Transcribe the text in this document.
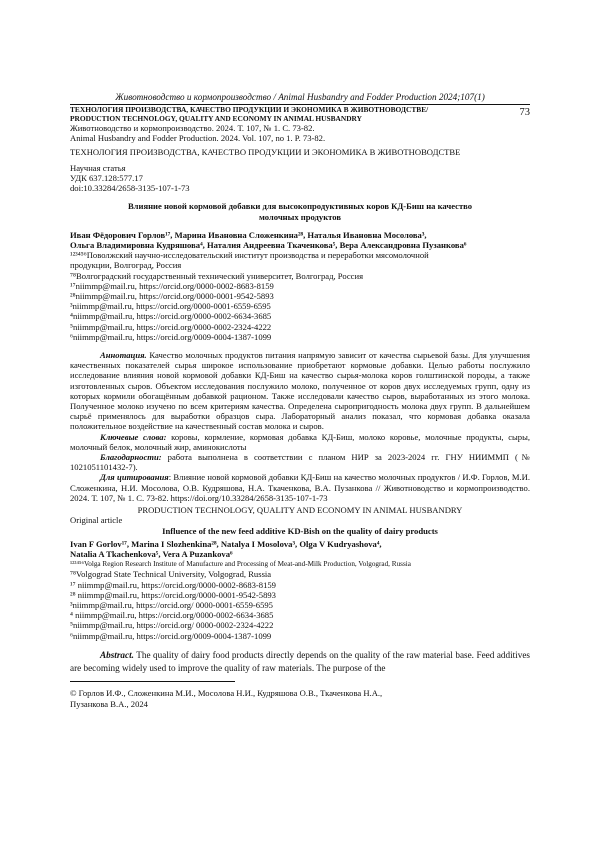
Животноводство и кормопроизводство / Animal Husbandry and Fodder Production 2024;107(1)

ТЕХНОЛОГИЯ ПРОИЗВОДСТВА, КАЧЕСТВО ПРОДУКЦИИ И ЭКОНОМИКА В ЖИВОТНОВОДСТВЕ/
PRODUCTION TECHNOLOGY, QUALITY AND ECONOMY IN ANIMAL HUSBANDRY
73

Животноводство и кормопроизводство. 2024. Т. 107, № 1. С. 73-82.

Animal Husbandry and Fodder Production. 2024. Vol. 107, no 1. P. 73-82.

ТЕХНОЛОГИЯ ПРОИЗВОДСТВА, КАЧЕСТВО ПРОДУКЦИИ И ЭКОНОМИКА В ЖИВОТНОВОДСТВЕ

Научная статья

УДК 637.128:577.17

doi:10.33284/2658-3135-107-1-73

Влияние новой кормовой добавки для высокопродуктивных коров КД-Биш на качество

молочных продуктов

Иван Фёдорович Горлов¹⁷, Марина Ивановна Сложенкина²⁸, Наталья Ивановна Мосолова³,

Ольга Владимировна Кудряшова⁴, Наталия Андреевна Ткаченкова⁵, Вера Александровна Пузанкова⁶

¹²³⁴⁵⁶Поволжский научно-исследовательский институт производства и переработки мясомолочной

продукции, Волгоград, Россия

⁷⁸Волгоградский государственный технический университет, Волгоград, Россия

¹⁷niimmp@mail.ru, https://orcid.org/0000-0002-8683-8159

²⁸niimmp@mail.ru, https://orcid.org/0000-0001-9542-5893

³niimmp@mail.ru, https://orcid.org/0000-0001-6559-6595

⁴niimmp@mail.ru, https://orcid.org/0000-0002-6634-3685

⁵niimmp@mail.ru, https://orcid.org/0000-0002-2324-4222

⁶niimmp@mail.ru, https://orcid.org/0009-0004-1387-1099

Аннотация. Качество молочных продуктов питания напрямую зависит от качества сырьевой базы. Для улучшения качественных показателей сырья широкое использование приобретают кормовые добавки. Целью работы послужило исследование влияния новой кормовой добавки КД-Биш на качество сырья-молока коров голштинской породы, а также изготовленных сыров. Объектом исследования послужило молоко, полученное от коров двух исследуемых групп, одну из которых кормили обогащённым добавкой рационом. Также исследовали качество сыров, выработанных из этого молока. Полученное молоко изучено по всем критериям качества. Определена сыропригодность молока двух групп. В дальнейшем сырьё применялось для выработки образцов сыра. Лабораторный анализ показал, что кормовая добавка оказала положительное воздействие на качественный состав молока и сыров.

Ключевые слова: коровы, кормление, кормовая добавка КД-Биш, молоко коровье, молочные продукты, сыры, молочный белок, молочный жир, аминокислоты

Благодарности: работа выполнена в соответствии с планом НИР за 2023-2024 гг. ГНУ НИИММП (№ 1021051101432-7).

Для цитирования: Влияние новой кормовой добавки КД-Биш на качество молочных продуктов / И.Ф. Горлов, М.И. Сложенкина, Н.И. Мосолова, О.В. Кудряшова, Н.А. Ткаченкова, В.А. Пузанкова // Животноводство и кормопроизводство. 2024. Т. 107, № 1. С. 73-82. https://doi.org/10.33284/2658-3135-107-1-73

PRODUCTION TECHNOLOGY, QUALITY AND ECONOMY IN ANIMAL HUSBANDRY

Original article

Influence of the new feed additive KD-Bish on the quality of dairy products

Ivan F Gorlov¹⁷, Marina I Slozhenkina²⁸, Natalya I Mosolova³, Olga V Kudryashova⁴,

Natalia A Tkachenkova⁵, Vera A Puzankova⁶

¹²³⁴⁵⁶Volga Region Research Institute of Manufacture and Processing of Meat-and-Milk Production, Volgograd, Russia

⁷⁸Volgograd State Technical University, Volgograd, Russia

¹⁷ niimmp@mail.ru, https://orcid.org/0000-0002-8683-8159

²⁸ niimmp@mail.ru, https://orcid.org/0000-0001-9542-5893

³niimmp@mail.ru, https://orcid.org/ 0000-0001-6559-6595

⁴ niimmp@mail.ru, https://orcid.org/0000-0002-6634-3685

⁵niimmp@mail.ru, https://orcid.org/ 0000-0002-2324-4222

⁶niimmp@mail.ru, https://orcid.org/0009-0004-1387-1099

Abstract. The quality of dairy food products directly depends on the quality of the raw material base. Feed additives are becoming widely used to improve the quality of raw materials. The purpose of the

© Горлов И.Ф., Сложенкина М.И., Мосолова Н.И., Кудряшова О.В., Ткаченкова Н.А.,

Пузанкова В.А., 2024
